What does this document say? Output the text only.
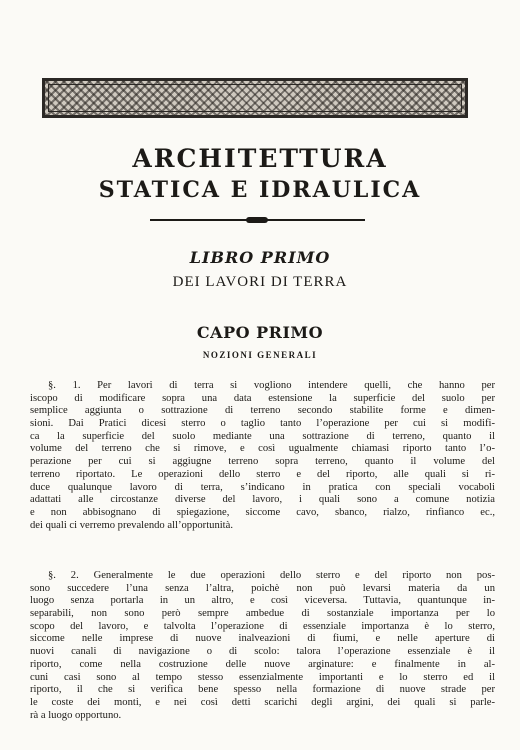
ARCHITETTURA
STATICA E IDRAULICA
LIBRO PRIMO
DEI LAVORI DI TERRA
CAPO PRIMO
NOZIONI GENERALI
§. 1. Per lavori di terra si vogliono intendere quelli, che hanno per
iscopo di modificare sopra una data estensione la superficie del suolo per
semplice aggiunta o sottrazione di terreno secondo stabilite forme e dimen-
sioni. Dai Pratici dicesi sterro o taglio tanto l’operazione per cui si modifi-
ca la superficie del suolo mediante una sottrazione di terreno, quanto il
volume del terreno che si rimove, e così ugualmente chiamasi riporto tanto l’o-
perazione per cui si aggiugne terreno sopra terreno, quanto il volume del
terreno riportato. Le operazioni dello sterro e del riporto, alle quali si ri-
duce qualunque lavoro di terra, s’indicano in pratica con speciali vocaboli
adattati alle circostanze diverse del lavoro, i quali sono a comune notizia
e non abbisognano di spiegazione, siccome cavo, sbanco, rialzo, rinfianco ec.,
dei quali ci verremo prevalendo all’opportunità.
§. 2. Generalmente le due operazioni dello sterro e del riporto non pos-
sono succedere l’una senza l’altra, poichè non può levarsi materia da un
luogo senza portarla in un altro, e così viceversa. Tuttavia, quantunque in-
separabili, non sono però sempre ambedue di sostanziale importanza per lo
scopo del lavoro, e talvolta l’operazione di essenziale importanza è lo sterro,
siccome nelle imprese di nuove inalveazioni di fiumi, e nelle aperture di
nuovi canali di navigazione o di scolo: talora l’operazione essenziale è il
riporto, come nella costruzione delle nuove arginature: e finalmente in al-
cuni casi sono al tempo stesso essenzialmente importanti e lo sterro ed il
riporto, il che si verifica bene spesso nella formazione di nuove strade per
le coste dei monti, e nei così detti scarichi degli argini, dei quali si parle-
rà a luogo opportuno.
